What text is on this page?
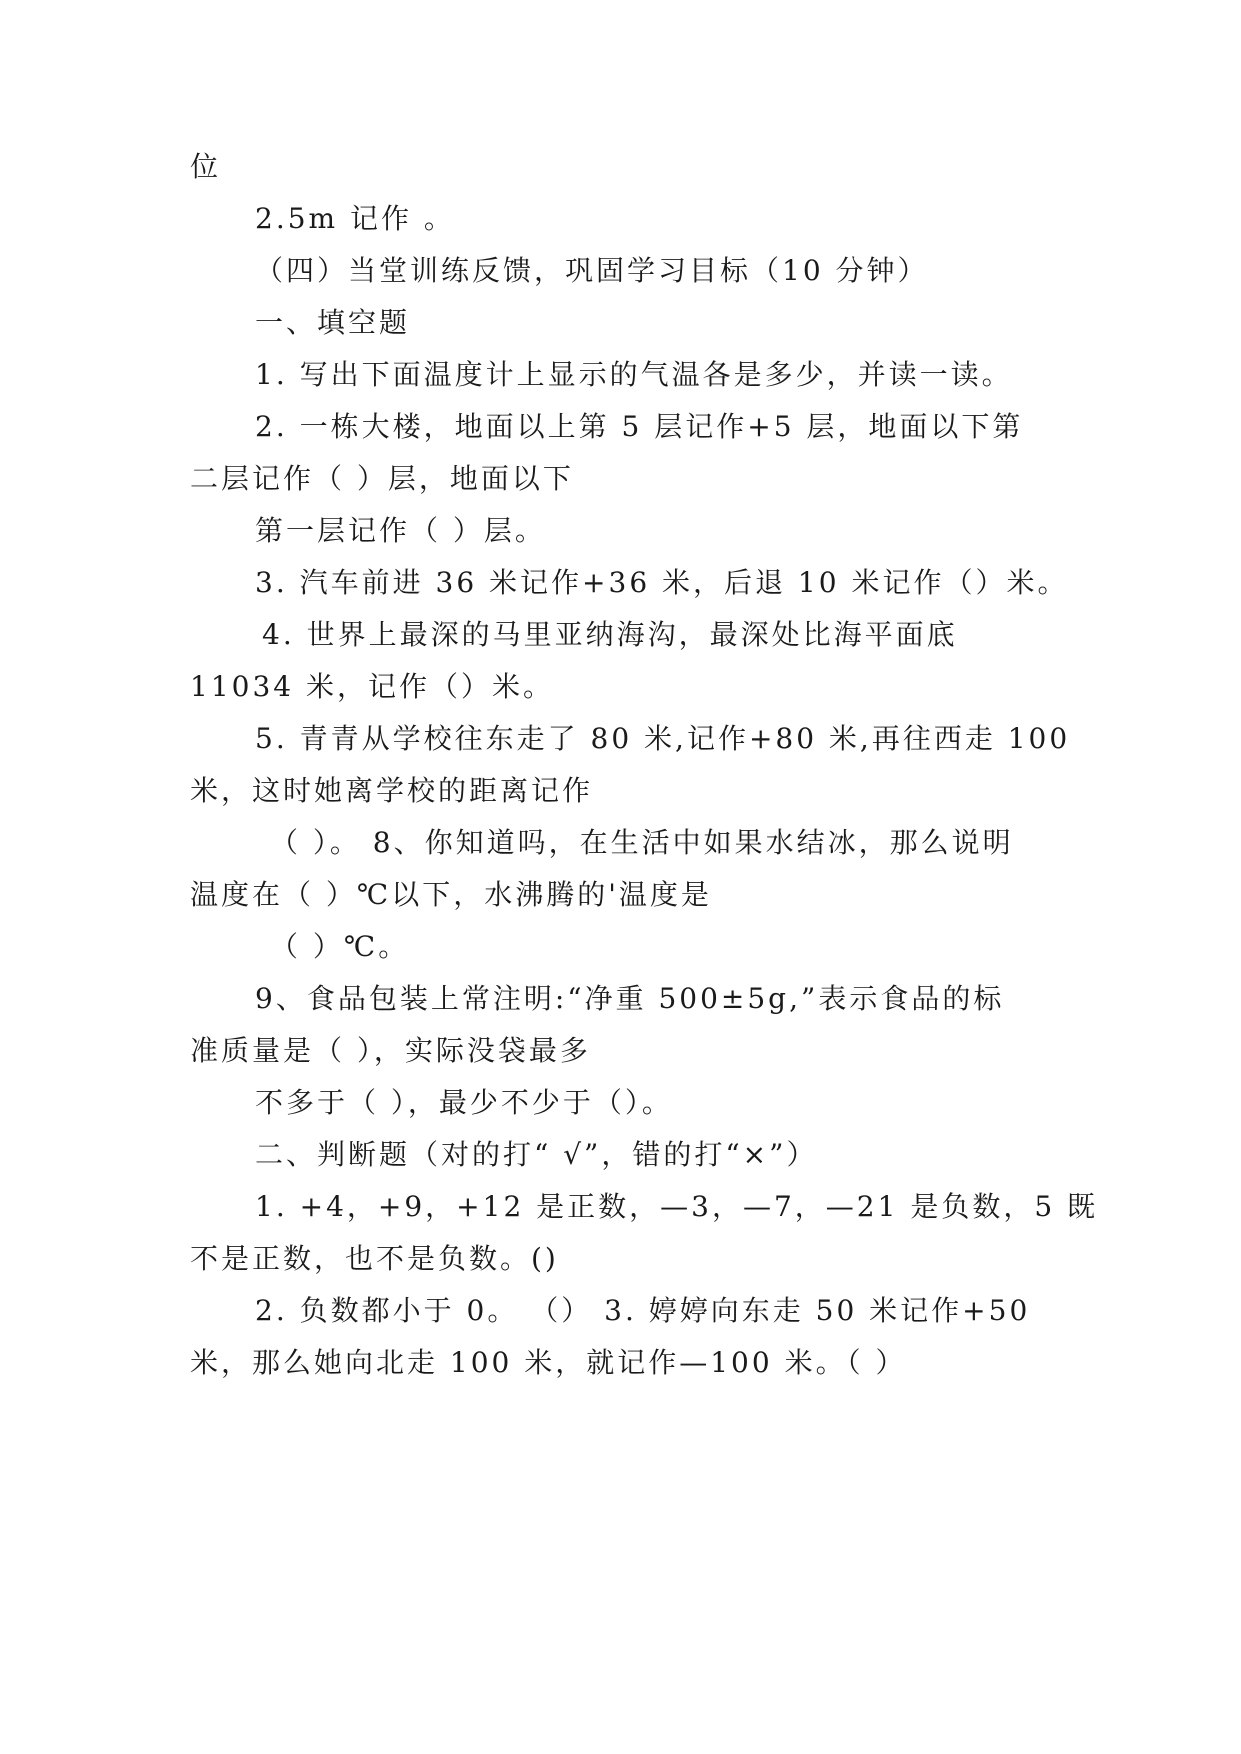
位
2.5m 记作 。
（四）当堂训练反馈，巩固学习目标（10 分钟）
一、填空题
1. 写出下面温度计上显示的气温各是多少，并读一读。
2. 一栋大楼，地面以上第 5 层记作+5 层，地面以下第
二层记作（ ）层，地面以下
第一层记作（ ）层。
3. 汽车前进 36 米记作+36 米，后退 10 米记作（）米。
4. 世界上最深的马里亚纳海沟，最深处比海平面底
11034 米，记作（）米。
5. 青青从学校往东走了 80 米,记作+80 米,再往西走 100
米，这时她离学校的距离记作
（ ）。 8、你知道吗，在生活中如果水结冰，那么说明
温度在（ ）℃以下，水沸腾的'温度是
（ ）℃。
9、食品包装上常注明:“净重 500±5g,”表示食品的标
准质量是（ ），实际没袋最多
不多于（ ），最少不少于（）。
二、判断题（对的打“ √”，错的打“×”）
1. +4，+9，+12 是正数，—3，—7，—21 是负数，5 既
不是正数，也不是负数。()
2. 负数都小于 0。 （） 3. 婷婷向东走 50 米记作+50
米，那么她向北走 100 米，就记作—100 米。（ ）
